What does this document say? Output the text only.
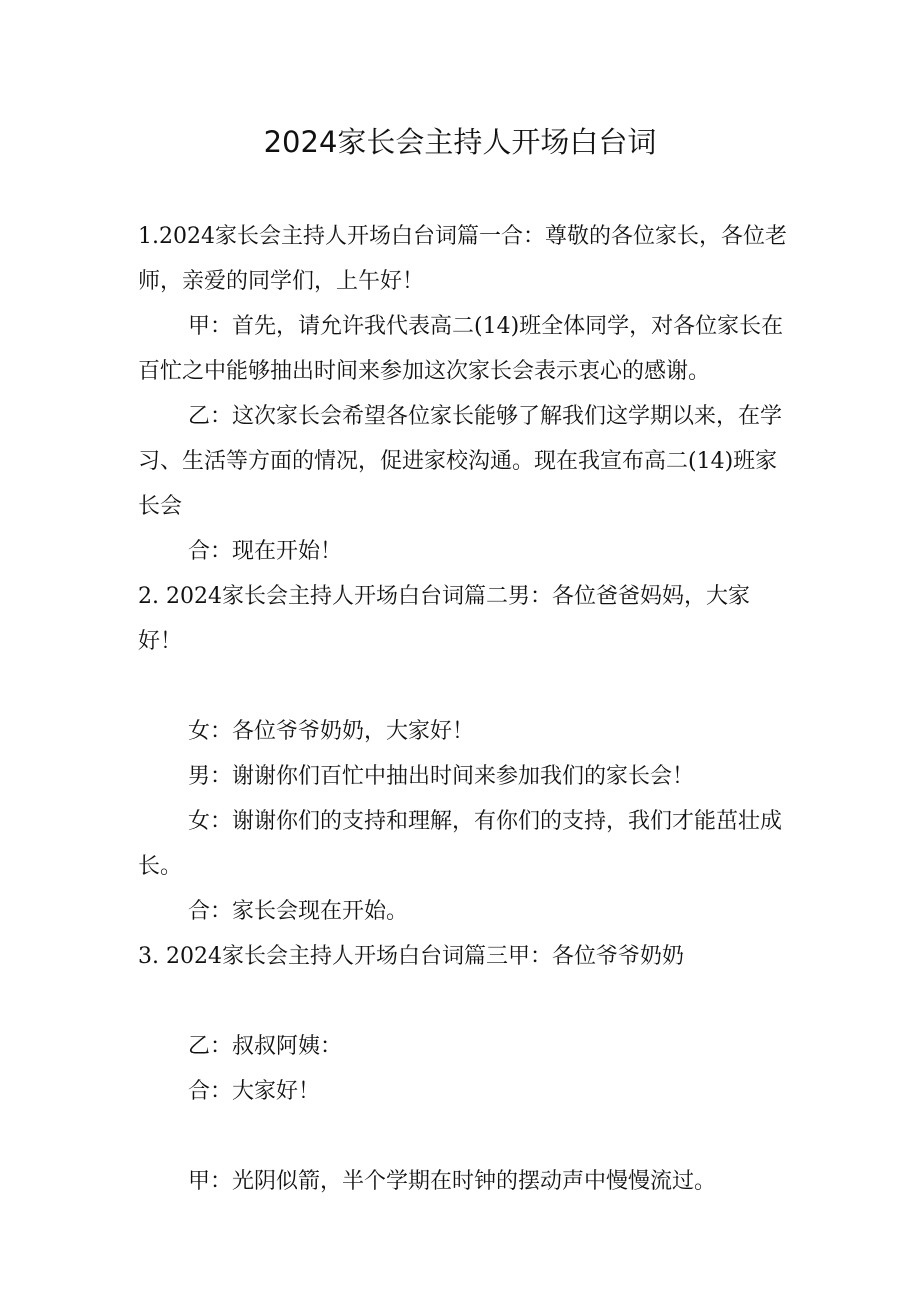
2024家长会主持人开场白台词

1.2024家长会主持人开场白台词篇一合：尊敬的各位家长，各位老师，亲爱的同学们，上午好！

甲：首先，请允许我代表高二(14)班全体同学，对各位家长在百忙之中能够抽出时间来参加这次家长会表示衷心的感谢。

乙：这次家长会希望各位家长能够了解我们这学期以来，在学习、生活等方面的情况，促进家校沟通。现在我宣布高二(14)班家长会

合：现在开始！

2. 2024家长会主持人开场白台词篇二男：各位爸爸妈妈，大家好！

女：各位爷爷奶奶，大家好！

男：谢谢你们百忙中抽出时间来参加我们的家长会！

女：谢谢你们的支持和理解，有你们的支持，我们才能茁壮成长。

合：家长会现在开始。

3. 2024家长会主持人开场白台词篇三甲：各位爷爷奶奶

乙：叔叔阿姨：

合：大家好！

甲：光阴似箭，半个学期在时钟的摆动声中慢慢流过。
